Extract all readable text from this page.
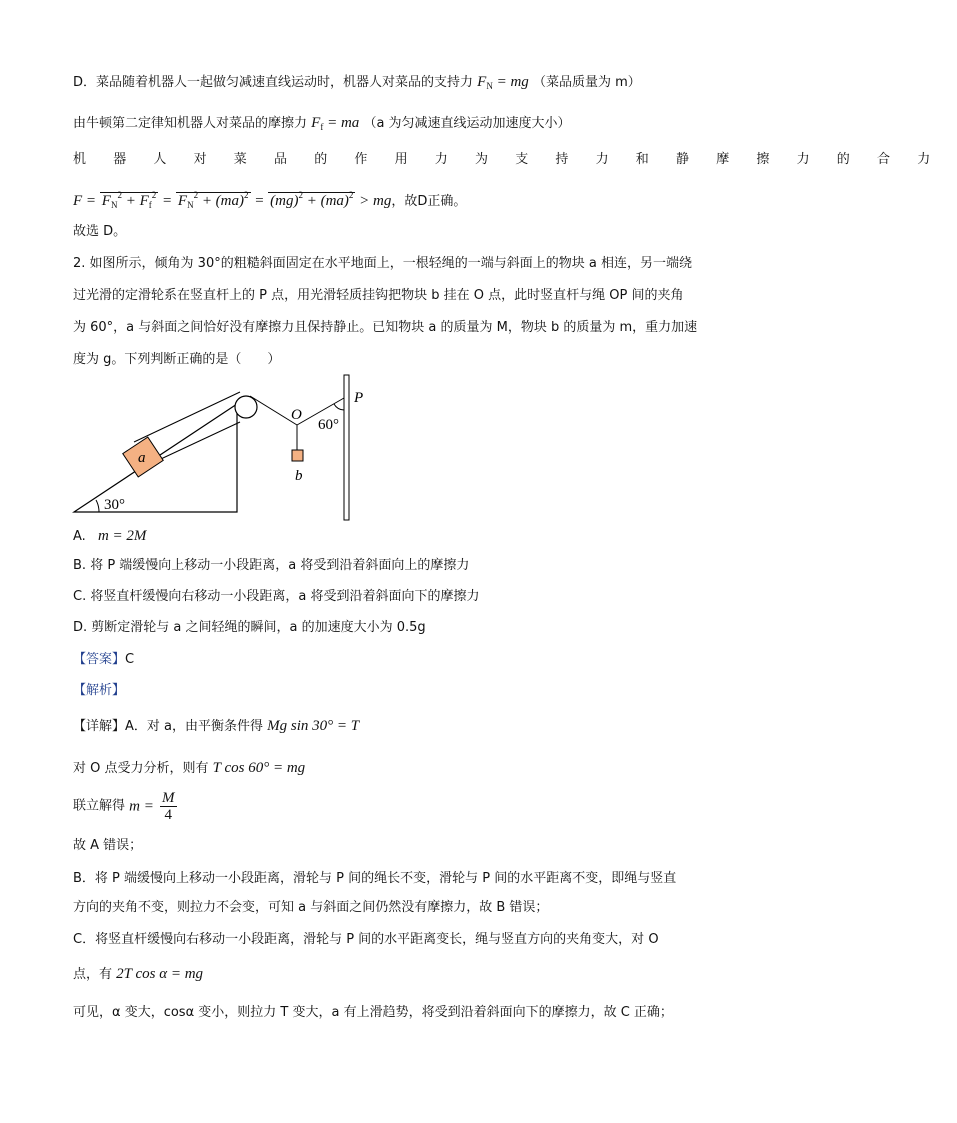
D．菜品随着机器人一起做匀减速直线运动时，机器人对菜品的支持力 $F_N$ = mg （菜品质量为 m）
由牛顿第二定律知机器人对菜品的摩擦力 $F_f$ = ma （a 为匀减速直线运动加速度大小）
机器人对菜品的作用力为支持力和静摩擦力的合力
$F = F_N^2 + F_f^2 = F_N^2 + (ma)^2 = (mg)^2 + (ma)^2$ > mg，故D正确。
故选 D。
2. 如图所示，倾角为 30°的粗糙斜面固定在水平地面上，一根轻绳的一端与斜面上的物块 a 相连，另一端绕
过光滑的定滑轮系在竖直杆上的 P 点，用光滑轻质挂钩把物块 b 挂在 O 点，此时竖直杆与绳 OP 间的夹角
为 60°，a 与斜面之间恰好没有摩擦力且保持静止。已知物块 a 的质量为 M，物块 b 的质量为 m，重力加速
度为 g。下列判断正确的是（　　）
30°
a
b
O
P
60°
A. m = 2M
B. 将 P 端缓慢向上移动一小段距离，a 将受到沿着斜面向上的摩擦力
C. 将竖直杆缓慢向右移动一小段距离，a 将受到沿着斜面向下的摩擦力
D. 剪断定滑轮与 a 之间轻绳的瞬间，a 的加速度大小为 0.5g
【答案】C
【解析】
【详解】A．对 a，由平衡条件得 Mg sin 30° = T
对 O 点受力分析，则有 T cos 60° = mg
联立解得 $m = \frac{M}{4}$
故 A 错误；
B．将 P 端缓慢向上移动一小段距离，滑轮与 P 间的绳长不变，滑轮与 P 间的水平距离不变，即绳与竖直
方向的夹角不变，则拉力不会变，可知 a 与斜面之间仍然没有摩擦力，故 B 错误；
C．将竖直杆缓慢向右移动一小段距离，滑轮与 P 间的水平距离变长，绳与竖直方向的夹角变大，对 O
点，有 2T cos α = mg
可见，α 变大，cosα 变小，则拉力 T 变大，a 有上滑趋势，将受到沿着斜面向下的摩擦力，故 C 正确；
